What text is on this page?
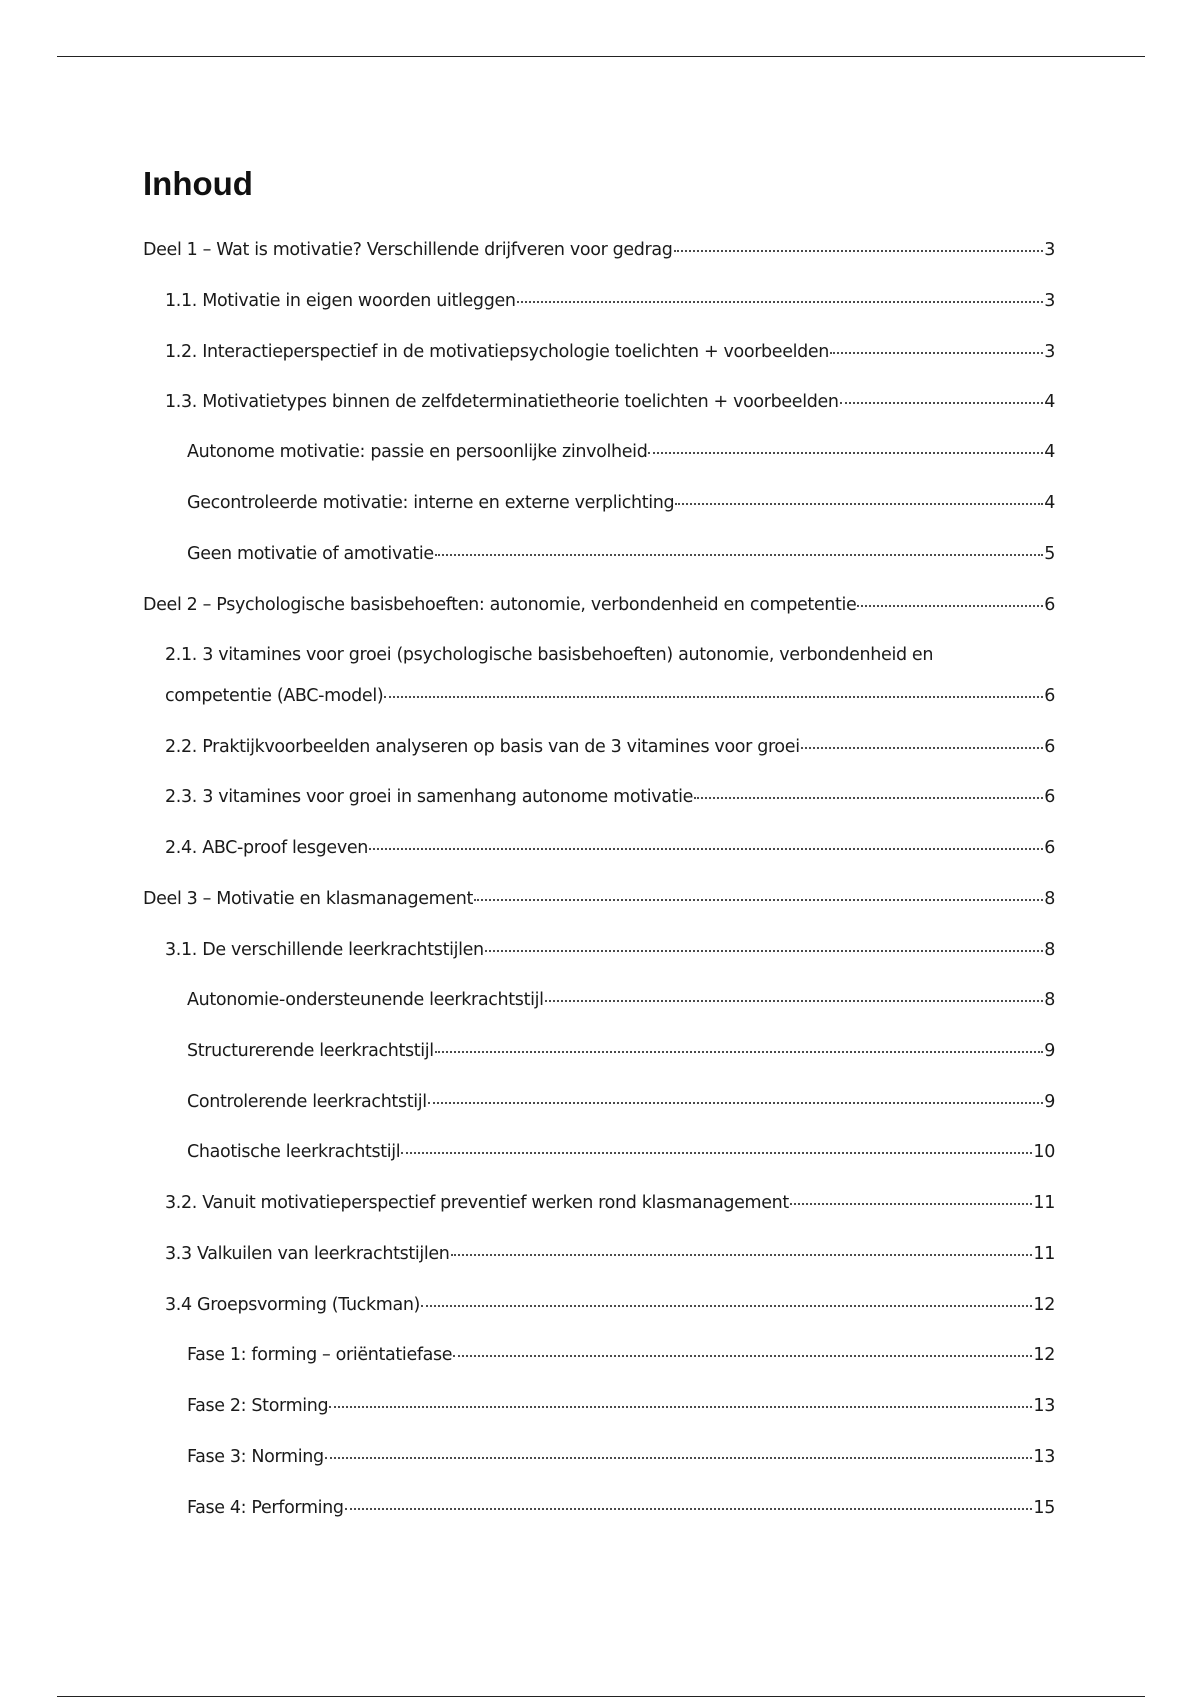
Inhoud
Deel 1 – Wat is motivatie? Verschillende drijfveren voor gedrag	3
1.1. Motivatie in eigen woorden uitleggen	3
1.2. Interactieperspectief in de motivatiepsychologie toelichten + voorbeelden	3
1.3. Motivatietypes binnen de zelfdeterminatietheorie toelichten + voorbeelden	4
Autonome motivatie: passie en persoonlijke zinvolheid	4
Gecontroleerde motivatie: interne en externe verplichting	4
Geen motivatie of amotivatie	5
Deel 2 – Psychologische basisbehoeften: autonomie, verbondenheid en competentie	6
2.1. 3 vitamines voor groei (psychologische basisbehoeften) autonomie, verbondenheid en
competentie (ABC-model)	6
2.2. Praktijkvoorbeelden analyseren op basis van de 3 vitamines voor groei	6
2.3. 3 vitamines voor groei in samenhang autonome motivatie	6
2.4. ABC-proof lesgeven	6
Deel 3 – Motivatie en klasmanagement	8
3.1. De verschillende leerkrachtstijlen	8
Autonomie-ondersteunende leerkrachtstijl	8
Structurerende leerkrachtstijl	9
Controlerende leerkrachtstijl	9
Chaotische leerkrachtstijl	10
3.2. Vanuit motivatieperspectief preventief werken rond klasmanagement	11
3.3 Valkuilen van leerkrachtstijlen	11
3.4 Groepsvorming (Tuckman)	12
Fase 1: forming – oriëntatiefase	12
Fase 2: Storming	13
Fase 3: Norming	13
Fase 4: Performing	15
